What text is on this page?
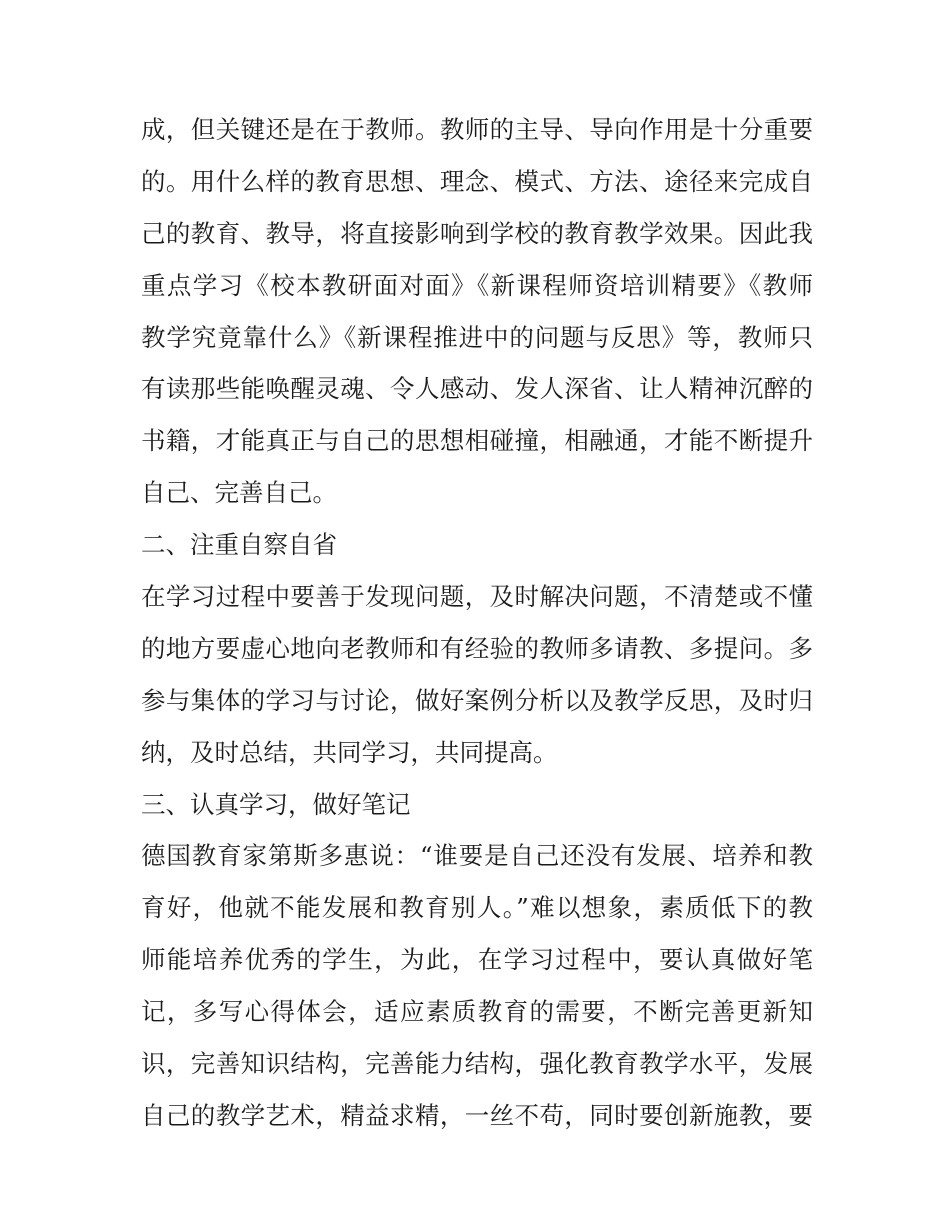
成，但关键还是在于教师。教师的主导、导向作用是十分重要
的。用什么样的教育思想、理念、模式、方法、途径来完成自
己的教育、教导，将直接影响到学校的教育教学效果。因此我
重点学习《校本教研面对面》《新课程师资培训精要》《教师
教学究竟靠什么》《新课程推进中的问题与反思》等，教师只
有读那些能唤醒灵魂、令人感动、发人深省、让人精神沉醉的
书籍，才能真正与自己的思想相碰撞，相融通，才能不断提升
自己、完善自己。
二、注重自察自省
在学习过程中要善于发现问题，及时解决问题，不清楚或不懂
的地方要虚心地向老教师和有经验的教师多请教、多提问。多
参与集体的学习与讨论，做好案例分析以及教学反思，及时归
纳，及时总结，共同学习，共同提高。
三、认真学习，做好笔记
德国教育家第斯多惠说：“谁要是自己还没有发展、培养和教
育好，他就不能发展和教育别人。”难以想象，素质低下的教
师能培养优秀的学生，为此，在学习过程中，要认真做好笔
记，多写心得体会，适应素质教育的需要，不断完善更新知
识，完善知识结构，完善能力结构，强化教育教学水平，发展
自己的教学艺术，精益求精，一丝不苟，同时要创新施教，要
